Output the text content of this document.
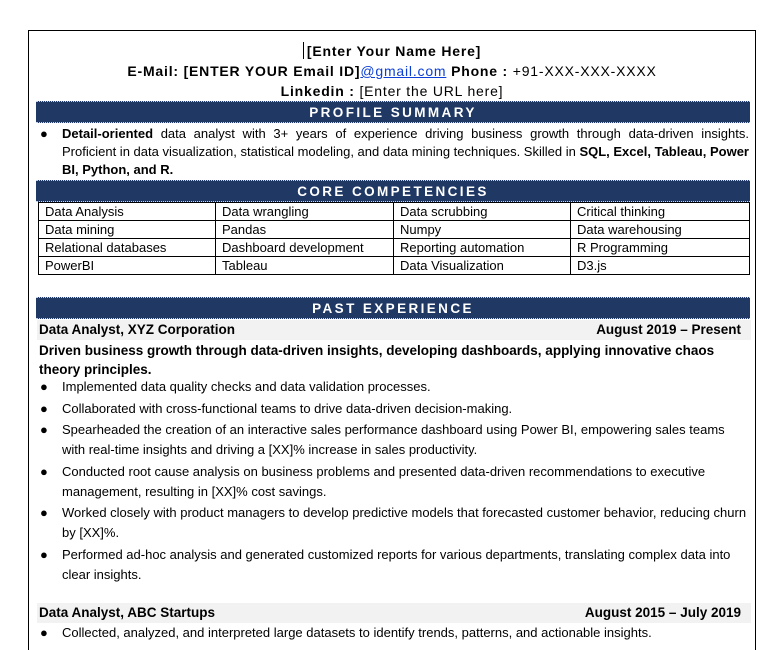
[Enter Your Name Here]
E-Mail: [ENTER YOUR Email ID]@gmail.com Phone : +91-XXX-XXX-XXXX
Linkedin : [Enter the URL here]
PROFILE SUMMARY
● Detail-oriented data analyst with 3+ years of experience driving business growth through data-driven insights. Proficient in data visualization, statistical modeling, and data mining techniques. Skilled in SQL, Excel, Tableau, Power BI, Python, and R.
CORE COMPETENCIES
Data Analysis	Data wrangling	Data scrubbing	Critical thinking
Data mining	Pandas	Numpy	Data warehousing
Relational databases	Dashboard development	Reporting automation	R Programming
PowerBI	Tableau	Data Visualization	D3.js
PAST EXPERIENCE
Data Analyst, XYZ Corporation	August 2019 – Present
Driven business growth through data-driven insights, developing dashboards, applying innovative chaos theory principles.
● Implemented data quality checks and data validation processes.
● Collaborated with cross-functional teams to drive data-driven decision-making.
● Spearheaded the creation of an interactive sales performance dashboard using Power BI, empowering sales teams with real-time insights and driving a [XX]% increase in sales productivity.
● Conducted root cause analysis on business problems and presented data-driven recommendations to executive management, resulting in [XX]% cost savings.
● Worked closely with product managers to develop predictive models that forecasted customer behavior, reducing churn by [XX]%.
● Performed ad-hoc analysis and generated customized reports for various departments, translating complex data into clear insights.
Data Analyst, ABC Startups	August 2015 – July 2019
● Collected, analyzed, and interpreted large datasets to identify trends, patterns, and actionable insights.
